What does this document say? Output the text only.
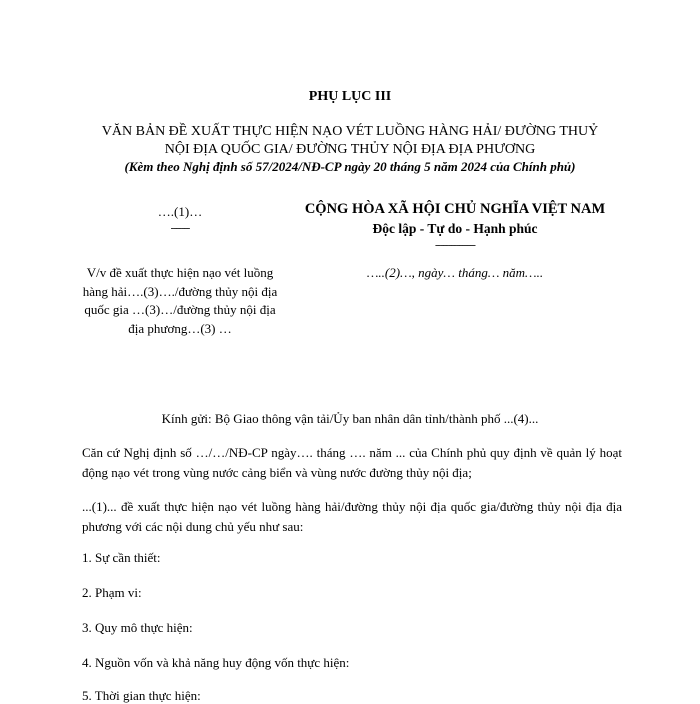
PHỤ LỤC III
VĂN BẢN ĐỀ XUẤT THỰC HIỆN NẠO VÉT LUỒNG HÀNG HẢI/ ĐƯỜNG THUỶ
NỘI ĐỊA QUỐC GIA/ ĐƯỜNG THỦY NỘI ĐỊA ĐỊA PHƯƠNG
(Kèm theo Nghị định số 57/2024/NĐ-CP ngày 20 tháng 5 năm 2024 của Chính phủ)
….(1)…
-------
CỘNG HÒA XÃ HỘI CHỦ NGHĨA VIỆT NAM
Độc lập - Tự do - Hạnh phúc
---------------
V/v đề xuất thực hiện nạo vét luồng hàng hải….(3)…./đường thủy nội địa quốc gia …(3)…/đường thủy nội địa địa phương…(3) …
…..(2)…, ngày… tháng… năm…..
Kính gửi: Bộ Giao thông vận tải/Ủy ban nhân dân tỉnh/thành phố ...(4)...
Căn cứ Nghị định số …/…/NĐ-CP ngày…. tháng …. năm ... của Chính phủ quy định về quản lý hoạt động nạo vét trong vùng nước cảng biển và vùng nước đường thủy nội địa;
...(1)... đề xuất thực hiện nạo vét luồng hàng hải/đường thủy nội địa quốc gia/đường thủy nội địa địa phương với các nội dung chủ yếu như sau:
1. Sự cần thiết:
2. Phạm vi:
3. Quy mô thực hiện:
4. Nguồn vốn và khả năng huy động vốn thực hiện:
5. Thời gian thực hiện:
